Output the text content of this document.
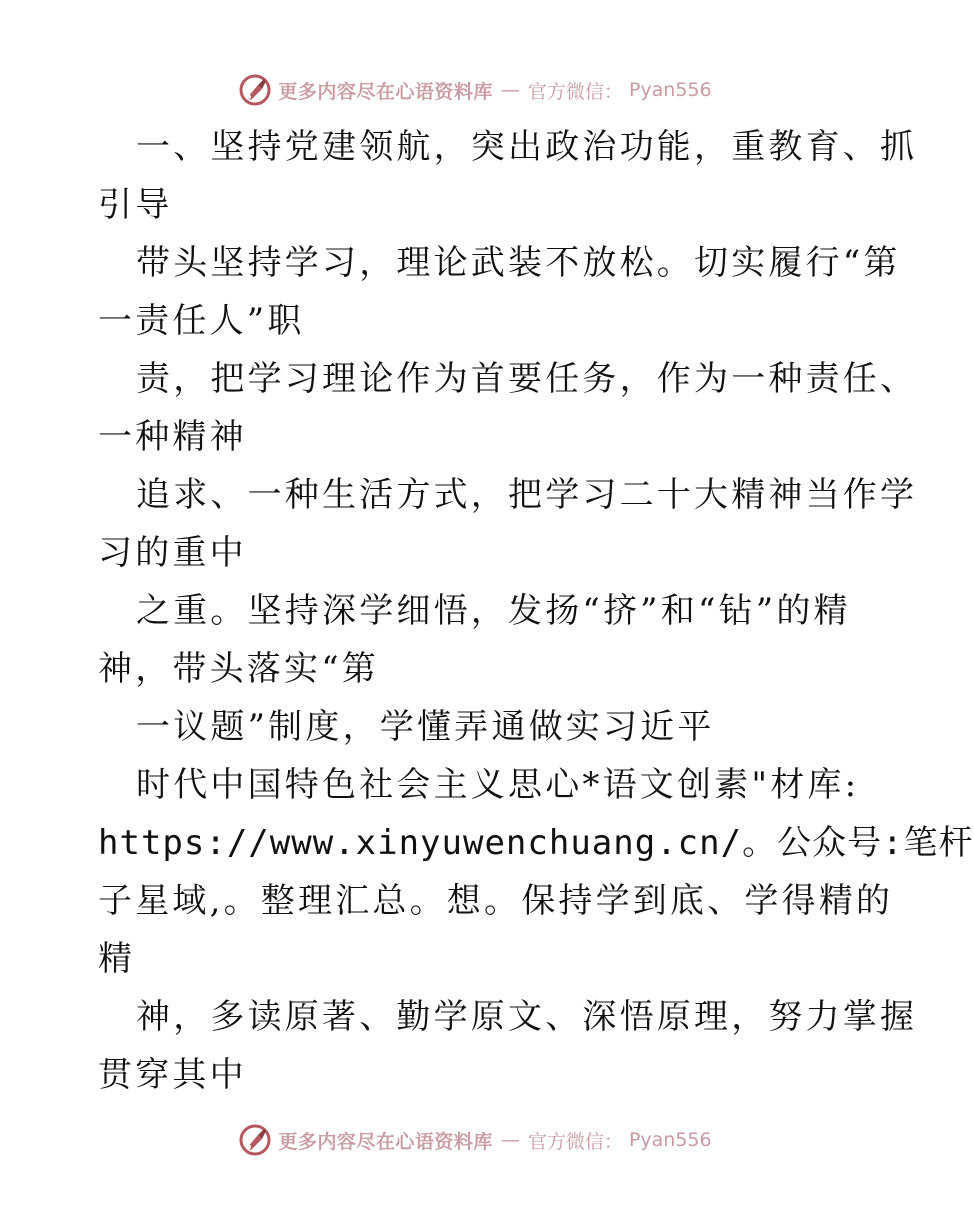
更多内容尽在心语资料库 — 官方微信： Pyan556
一、坚持党建领航，突出政治功能，重教育、抓
引导
带头坚持学习，理论武装不放松。切实履行“第
一责任人”职
责，把学习理论作为首要任务，作为一种责任、
一种精神
追求、一种生活方式，把学习二十大精神当作学
习的重中
之重。坚持深学细悟，发扬“挤”和“钻”的精
神，带头落实“第
一议题”制度，学懂弄通做实习近平
时代中国特色社会主义思心*语文创素"材库:
https://www.xinyuwenchuang.cn/。公众号:笔杆
子星域,。整理汇总。想。保持学到底、学得精的
精
神，多读原著、勤学原文、深悟原理，努力掌握
贯穿其中
更多内容尽在心语资料库 — 官方微信： Pyan556
